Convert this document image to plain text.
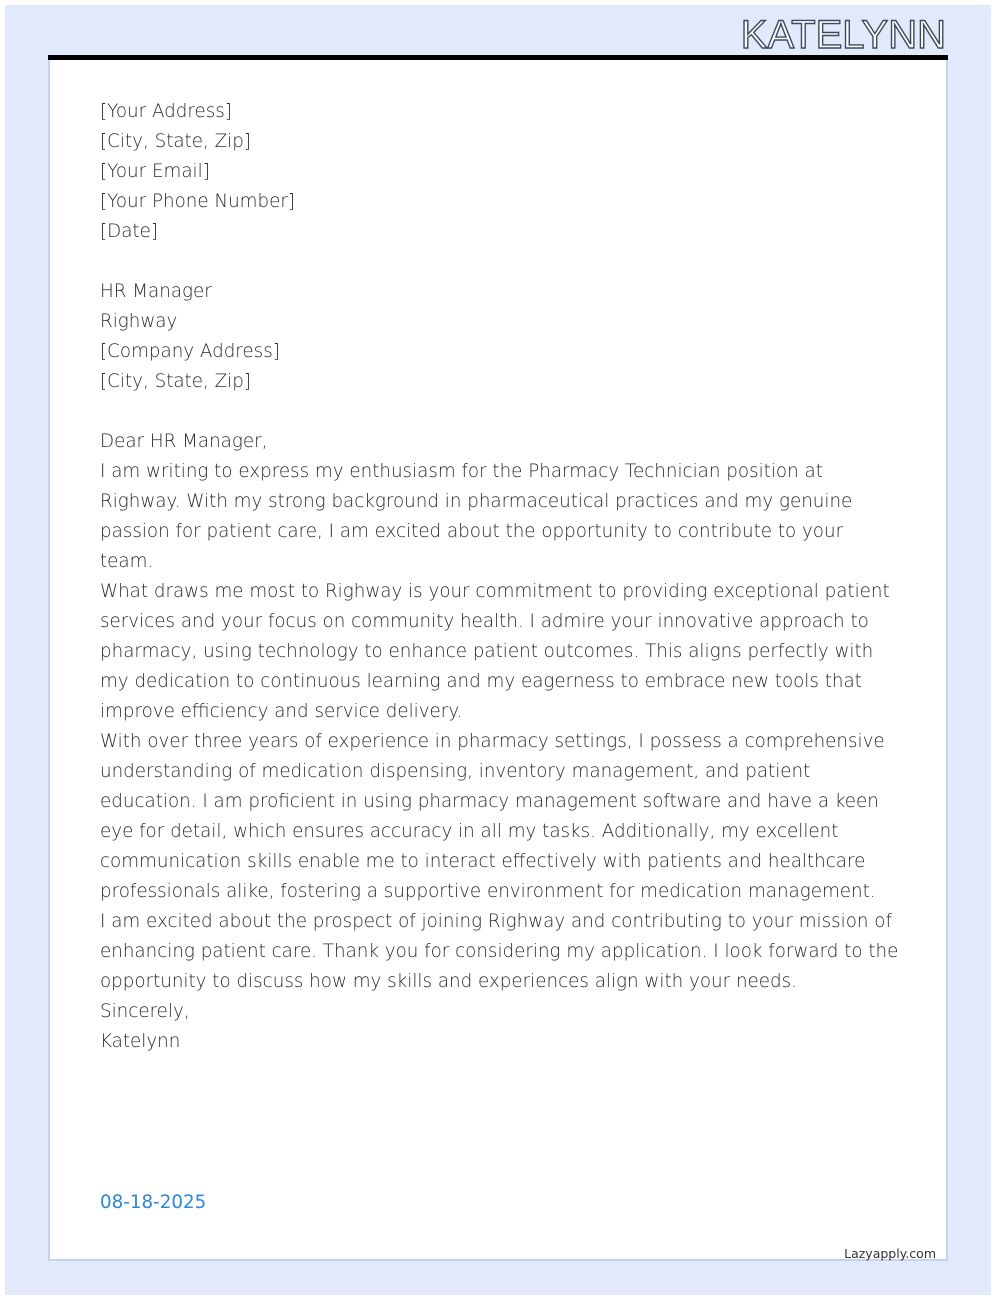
KATELYNN
[Your Address]
[City, State, Zip]
[Your Email]
[Your Phone Number]
[Date]
HR Manager
Righway
[Company Address]
[City, State, Zip]

Dear HR Manager,

I am writing to express my enthusiasm for the Pharmacy Technician position at Righway. With my strong background in pharmaceutical practices and my genuine passion for patient care, I am excited about the opportunity to contribute to your team.

What draws me most to Righway is your commitment to providing exceptional patient services and your focus on community health. I admire your innovative approach to pharmacy, using technology to enhance patient outcomes. This aligns perfectly with my dedication to continuous learning and my eagerness to embrace new tools that improve efficiency and service delivery.

With over three years of experience in pharmacy settings, I possess a comprehensive understanding of medication dispensing, inventory management, and patient education. I am proficient in using pharmacy management software and have a keen eye for detail, which ensures accuracy in all my tasks. Additionally, my excellent communication skills enable me to interact effectively with patients and healthcare professionals alike, fostering a supportive environment for medication management.

I am excited about the prospect of joining Righway and contributing to your mission of enhancing patient care. Thank you for considering my application. I look forward to the opportunity to discuss how my skills and experiences align with your needs.

Sincerely,
Katelynn
08-18-2025
Lazyapply.com
